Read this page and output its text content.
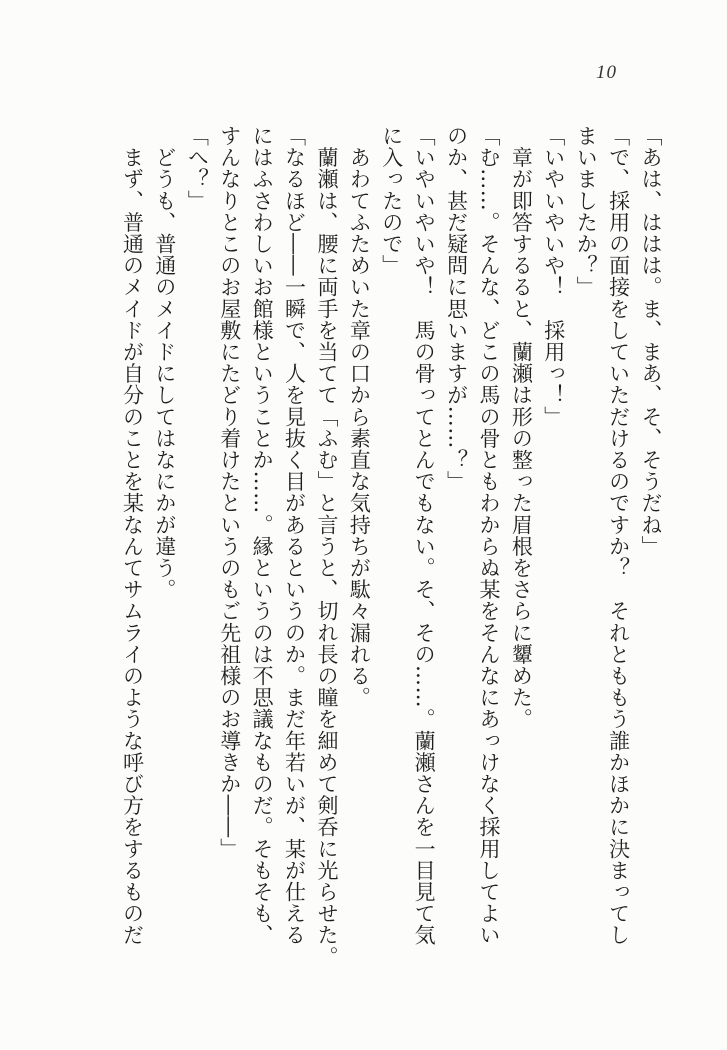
10
「あは、ははは。ま、まあ、そ、そうだね」
「で、採用の面接をしていただけるのですか？　それとももう誰かほかに決まってし
まいましたか？」
「いやいやいや！　採用っ！」
　章が即答するると、蘭瀬は形の整った眉根をさらに顰めた。
「む……。そんな、どこの馬の骨ともわからぬ某をそんなにあっけなく採用してよい
のか、甚だ疑問に思いますが……？」
「いやいやいや！　馬の骨ってとんでもない。そ、その……。蘭瀬さんを一目見て気
に入ったので」
　あわてふためいた章の口から素直な気持ちが駄々漏れる。
　蘭瀬は、腰に両手を当てて「ふむ」と言うと、切れ長の瞳を細めて剣呑に光らせた。
「なるほど――一瞬で、人を見抜く目があるというのか。まだ年若いが、某が仕える
にはふさわしいお館様ということか……。縁というのは不思議なものだ。そもそも、
すんなりとこのお屋敷にたどり着けたというのもご先祖様のお導きか――」
「へ？」
　どうも、普通のメイドにしてはなにかが違う。
　まず、普通のメイドが自分のことを某なんてサムライのような呼び方をするものだ
